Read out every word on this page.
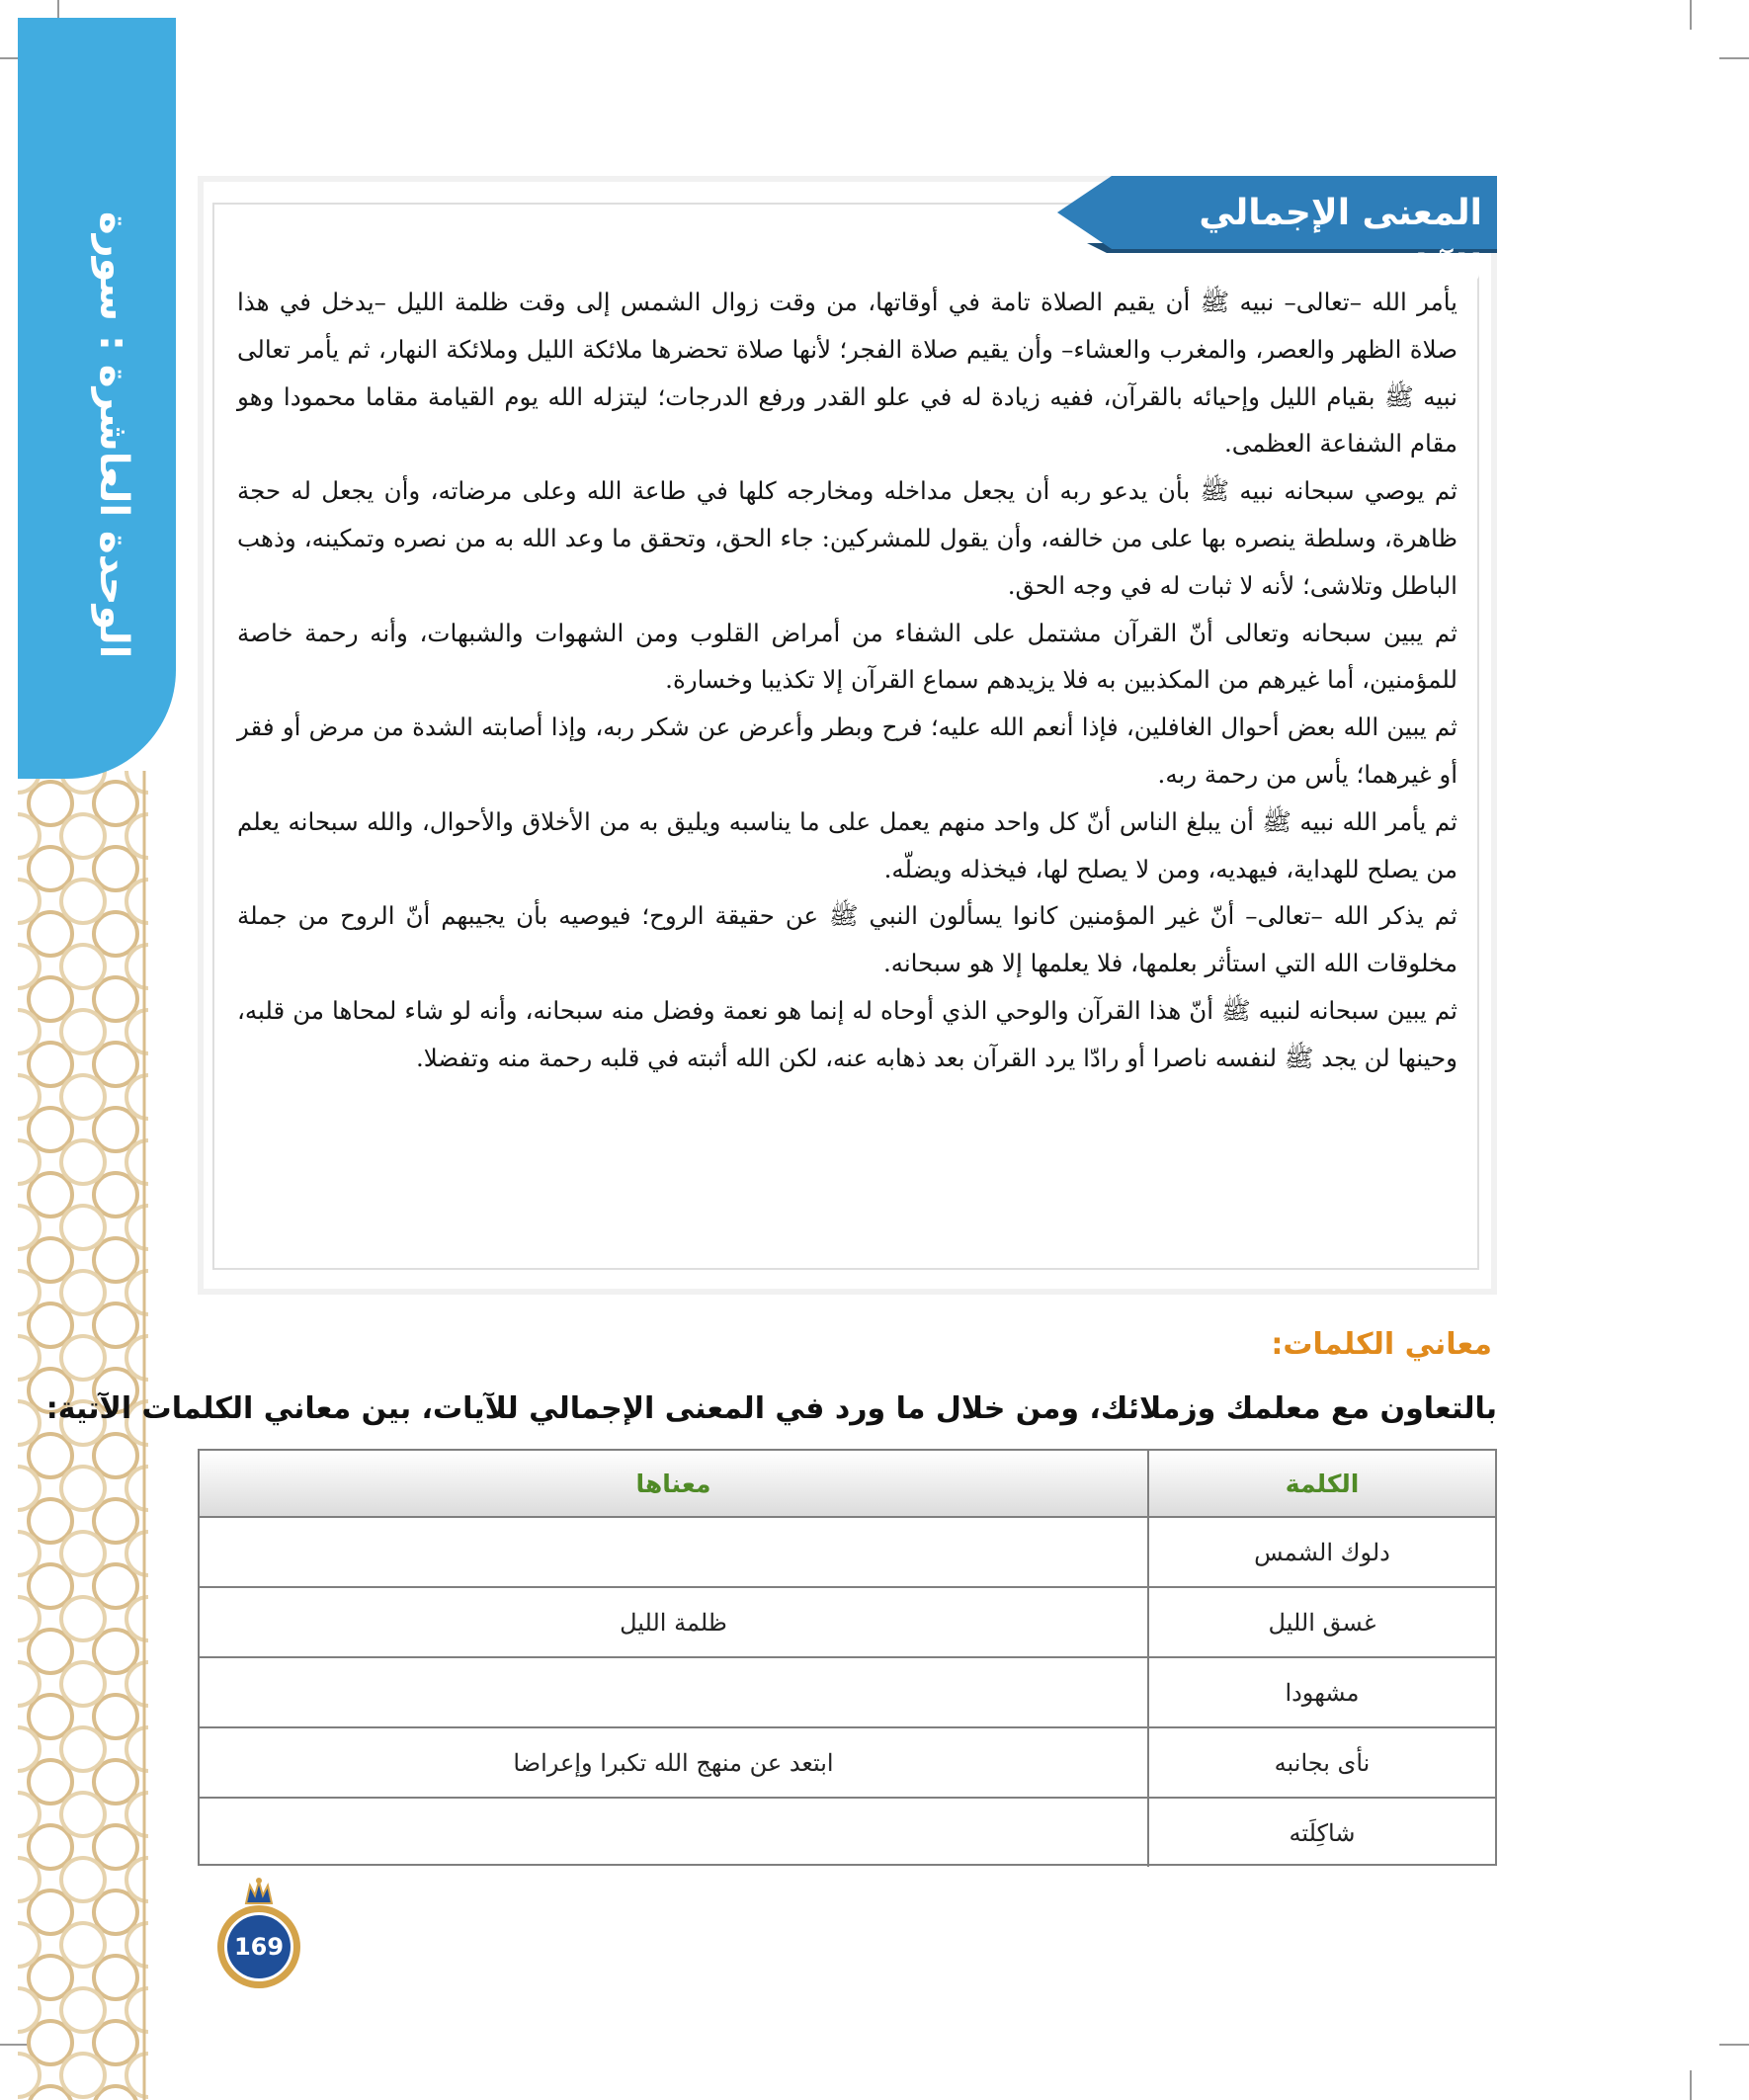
الوحدة العاشرة : سورة	المعنى الإجمالي للآيات

يأمر الله –تعالى– نبيه ﷺ أن يقيم الصلاة تامة في أوقاتها، من وقت زوال الشمس إلى وقت ظلمة الليل –يدخل في هذا صلاة الظهر والعصر، والمغرب والعشاء– وأن يقيم صلاة الفجر؛ لأنها صلاة تحضرها ملائكة الليل وملائكة النهار، ثم يأمر تعالى نبيه ﷺ بقيام الليل وإحيائه بالقرآن، ففيه زيادة له في علو القدر ورفع الدرجات؛ ليتزله الله يوم القيامة مقاما محمودا وهو مقام الشفاعة العظمى.

ثم يوصي سبحانه نبيه ﷺ بأن يدعو ربه أن يجعل مداخله ومخارجه كلها في طاعة الله وعلى مرضاته، وأن يجعل له حجة ظاهرة، وسلطة ينصره بها على من خالفه، وأن يقول للمشركين: جاء الحق، وتحقق ما وعد الله به من نصره وتمكينه، وذهب الباطل وتلاشى؛ لأنه لا ثبات له في وجه الحق.

ثم يبين سبحانه وتعالى أنّ القرآن مشتمل على الشفاء من أمراض القلوب ومن الشهوات والشبهات، وأنه رحمة خاصة للمؤمنين، أما غيرهم من المكذبين به فلا يزيدهم سماع القرآن إلا تكذيبا وخسارة.

ثم يبين الله بعض أحوال الغافلين، فإذا أنعم الله عليه؛ فرح وبطر وأعرض عن شكر ربه، وإذا أصابته الشدة من مرض أو فقر أو غيرهما؛ يأس من رحمة ربه.

ثم يأمر الله نبيه ﷺ أن يبلغ الناس أنّ كل واحد منهم يعمل على ما يناسبه ويليق به من الأخلاق والأحوال، والله سبحانه يعلم من يصلح للهداية، فيهديه، ومن لا يصلح لها، فيخذله ويضلّه.

ثم يذكر الله –تعالى– أنّ غير المؤمنين كانوا يسألون النبي ﷺ عن حقيقة الروح؛ فيوصيه بأن يجيبهم أنّ الروح من جملة مخلوقات الله التي استأثر بعلمها، فلا يعلمها إلا هو سبحانه.

ثم يبين سبحانه لنبيه ﷺ أنّ هذا القرآن والوحي الذي أوحاه له إنما هو نعمة وفضل منه سبحانه، وأنه لو شاء لمحاها من قلبه، وحينها لن يجد ﷺ لنفسه ناصرا أو رادّا يرد القرآن بعد ذهابه عنه، لكن الله أثبته في قلبه رحمة منه وتفضلا.

معاني الكلمات:
بالتعاون مع معلمك وزملائك، ومن خلال ما ورد في المعنى الإجمالي للآيات، بين معاني الكلمات الآتية:
الكلمة
معناها
دلوك الشمس
غسق الليل
ظلمة الليل
مشهودا
نأى بجانبه
ابتعد عن منهج الله تكبرا وإعراضا
شاكِلَته
169
